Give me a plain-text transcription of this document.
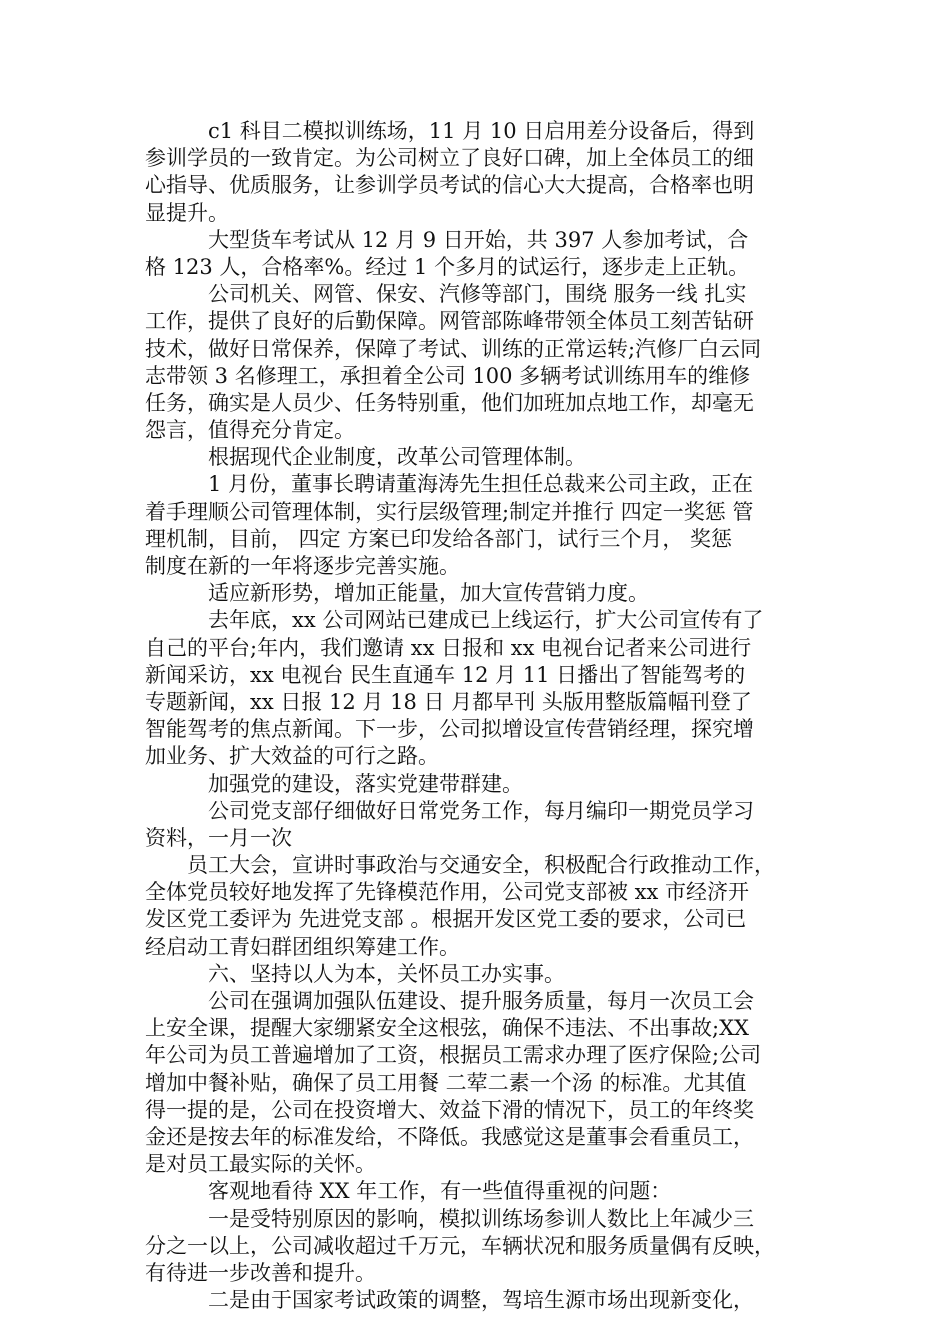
　　　c1 科目二模拟训练场，11 月 10 日启用差分设备后，得到
参训学员的一致肯定。为公司树立了良好口碑，加上全体员工的细
心指导、优质服务，让参训学员考试的信心大大提高，合格率也明
显提升。
　　　大型货车考试从 12 月 9 日开始，共 397 人参加考试，合
格 123 人，合格率%。经过 1 个多月的试运行，逐步走上正轨。
　　　公司机关、网管、保安、汽修等部门，围绕 服务一线 扎实
工作，提供了良好的后勤保障。网管部陈峰带领全体员工刻苦钻研
技术，做好日常保养，保障了考试、训练的正常运转;汽修厂白云同
志带领 3 名修理工，承担着全公司 100 多辆考试训练用车的维修
任务，确实是人员少、任务特别重，他们加班加点地工作，却毫无
怨言，值得充分肯定。
　　　根据现代企业制度，改革公司管理体制。
　　　1 月份，董事长聘请董海涛先生担任总裁来公司主政，正在
着手理顺公司管理体制，实行层级管理;制定并推行 四定一奖惩 管
理机制，目前， 四定 方案已印发给各部门，试行三个月， 奖惩
制度在新的一年将逐步完善实施。
　　　适应新形势，增加正能量，加大宣传营销力度。
　　　去年底，xx 公司网站已建成已上线运行，扩大公司宣传有了
自己的平台;年内，我们邀请 xx 日报和 xx 电视台记者来公司进行
新闻采访，xx 电视台 民生直通车 12 月 11 日播出了智能驾考的
专题新闻，xx 日报 12 月 18 日 月都早刊 头版用整版篇幅刊登了
智能驾考的焦点新闻。下一步，公司拟增设宣传营销经理，探究增
加业务、扩大效益的可行之路。
　　　加强党的建设，落实党建带群建。
　　　公司党支部仔细做好日常党务工作，每月编印一期党员学习
资料，一月一次
　　员工大会，宣讲时事政治与交通安全，积极配合行政推动工作，
全体党员较好地发挥了先锋模范作用，公司党支部被 xx 市经济开
发区党工委评为 先进党支部 。根据开发区党工委的要求，公司已
经启动工青妇群团组织筹建工作。
　　　六、坚持以人为本，关怀员工办实事。
　　　公司在强调加强队伍建设、提升服务质量，每月一次员工会
上安全课，提醒大家绷紧安全这根弦，确保不违法、不出事故;XX
年公司为员工普遍增加了工资，根据员工需求办理了医疗保险;公司
增加中餐补贴，确保了员工用餐 二荤二素一个汤 的标准。尤其值
得一提的是，公司在投资增大、效益下滑的情况下，员工的年终奖
金还是按去年的标准发给，不降低。我感觉这是董事会看重员工，
是对员工最实际的关怀。
　　　客观地看待 XX 年工作，有一些值得重视的问题：
　　　一是受特别原因的影响，模拟训练场参训人数比上年减少三
分之一以上，公司减收超过千万元，车辆状况和服务质量偶有反映，
有待进一步改善和提升。
　　　二是由于国家考试政策的调整，驾培生源市场出现新变化，
